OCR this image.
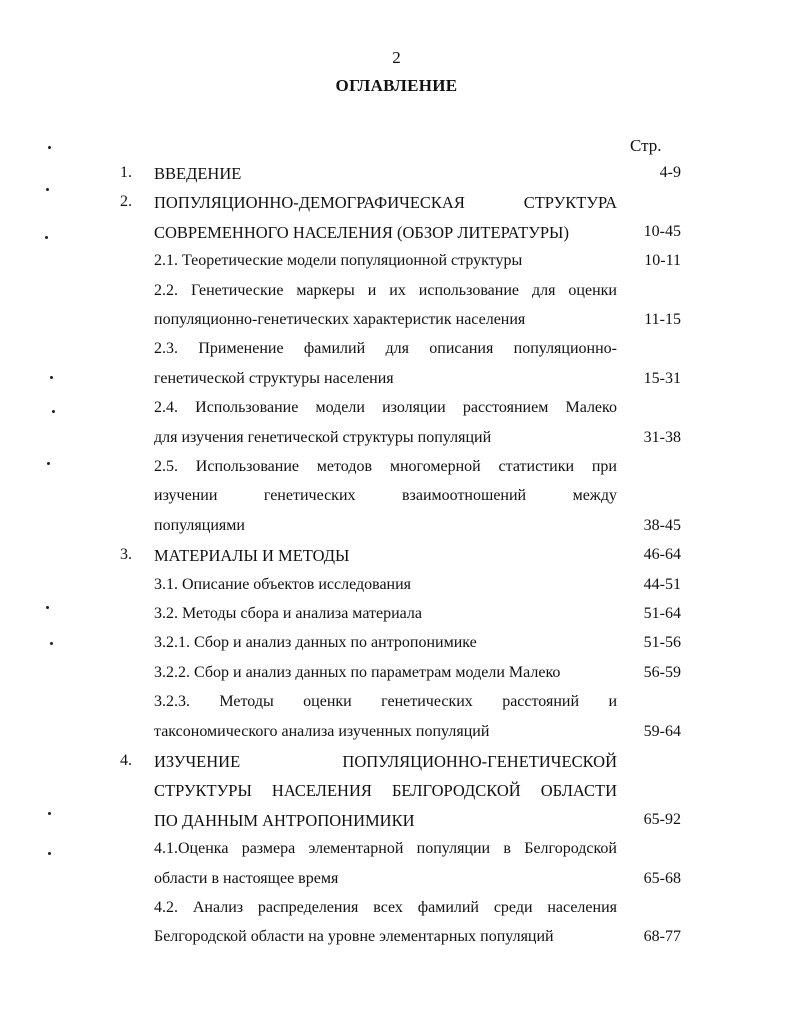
2
ОГЛАВЛЕНИЕ
Стр.
1. ВВЕДЕНИЕ	4-9
2. ПОПУЛЯЦИОННО-ДЕМОГРАФИЧЕСКАЯ СТРУКТУРА
СОВРЕМЕННОГО НАСЕЛЕНИЯ (ОБЗОР ЛИТЕРАТУРЫ)	10-45
2.1. Теоретические модели популяционной структуры	10-11
2.2. Генетические маркеры и их использование для оценки
популяционно-генетических характеристик населения	11-15
2.3. Применение фамилий для описания популяционно-
генетической структуры населения	15-31
2.4. Использование модели изоляции расстоянием Малеко
для изучения генетической структуры популяций	31-38
2.5. Использование методов многомерной статистики при
изучении генетических взаимоотношений между
популяциями	38-45
3. МАТЕРИАЛЫ И МЕТОДЫ	46-64
3.1. Описание объектов исследования	44-51
3.2. Методы сбора и анализа материала	51-64
3.2.1. Сбор и анализ данных по антропонимике	51-56
3.2.2. Сбор и анализ данных по параметрам модели Малеко	56-59
3.2.3. Методы оценки генетических расстояний и
таксономического анализа изученных популяций	59-64
4. ИЗУЧЕНИЕ ПОПУЛЯЦИОННО-ГЕНЕТИЧЕСКОЙ
СТРУКТУРЫ НАСЕЛЕНИЯ БЕЛГОРОДСКОЙ ОБЛАСТИ
ПО ДАННЫМ АНТРОПОНИМИКИ	65-92
4.1.Оценка размера элементарной популяции в Белгородской
области в настоящее время	65-68
4.2. Анализ распределения всех фамилий среди населения
Белгородской области на уровне элементарных популяций	68-77
